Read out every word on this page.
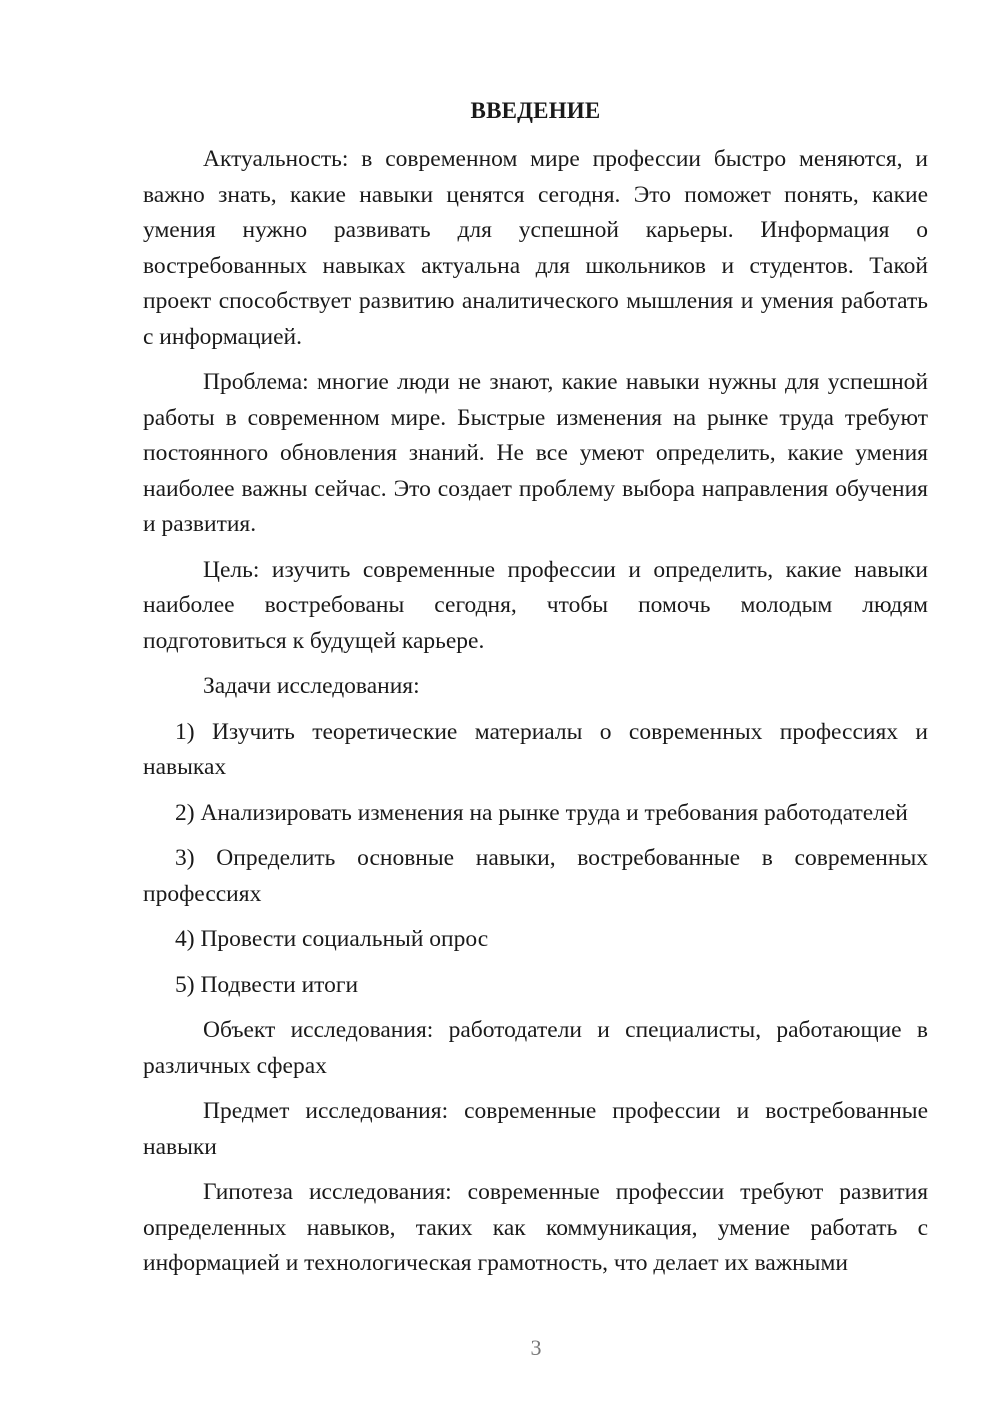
ВВЕДЕНИЕ

Актуальность: в современном мире профессии быстро меняются, и важно знать, какие навыки ценятся сегодня. Это поможет понять, какие умения нужно развивать для успешной карьеры. Информация о востребованных навыках актуальна для школьников и студентов. Такой проект способствует развитию аналитического мышления и умения работать с информацией.

Проблема: многие люди не знают, какие навыки нужны для успешной работы в современном мире. Быстрые изменения на рынке труда требуют постоянного обновления знаний. Не все умеют определить, какие умения наиболее важны сейчас. Это создает проблему выбора направления обучения и развития.

Цель: изучить современные профессии и определить, какие навыки наиболее востребованы сегодня, чтобы помочь молодым людям подготовиться к будущей карьере.

Задачи исследования:

1) Изучить теоретические материалы о современных профессиях и навыках

2) Анализировать изменения на рынке труда и требования работодателей

3) Определить основные навыки, востребованные в современных профессиях

4) Провести социальный опрос

5) Подвести итоги

Объект исследования: работодатели и специалисты, работающие в различных сферах

Предмет исследования: современные профессии и востребованные навыки

Гипотеза исследования: современные профессии требуют развития определенных навыков, таких как коммуникация, умение работать с информацией и технологическая грамотность, что делает их важными

3
